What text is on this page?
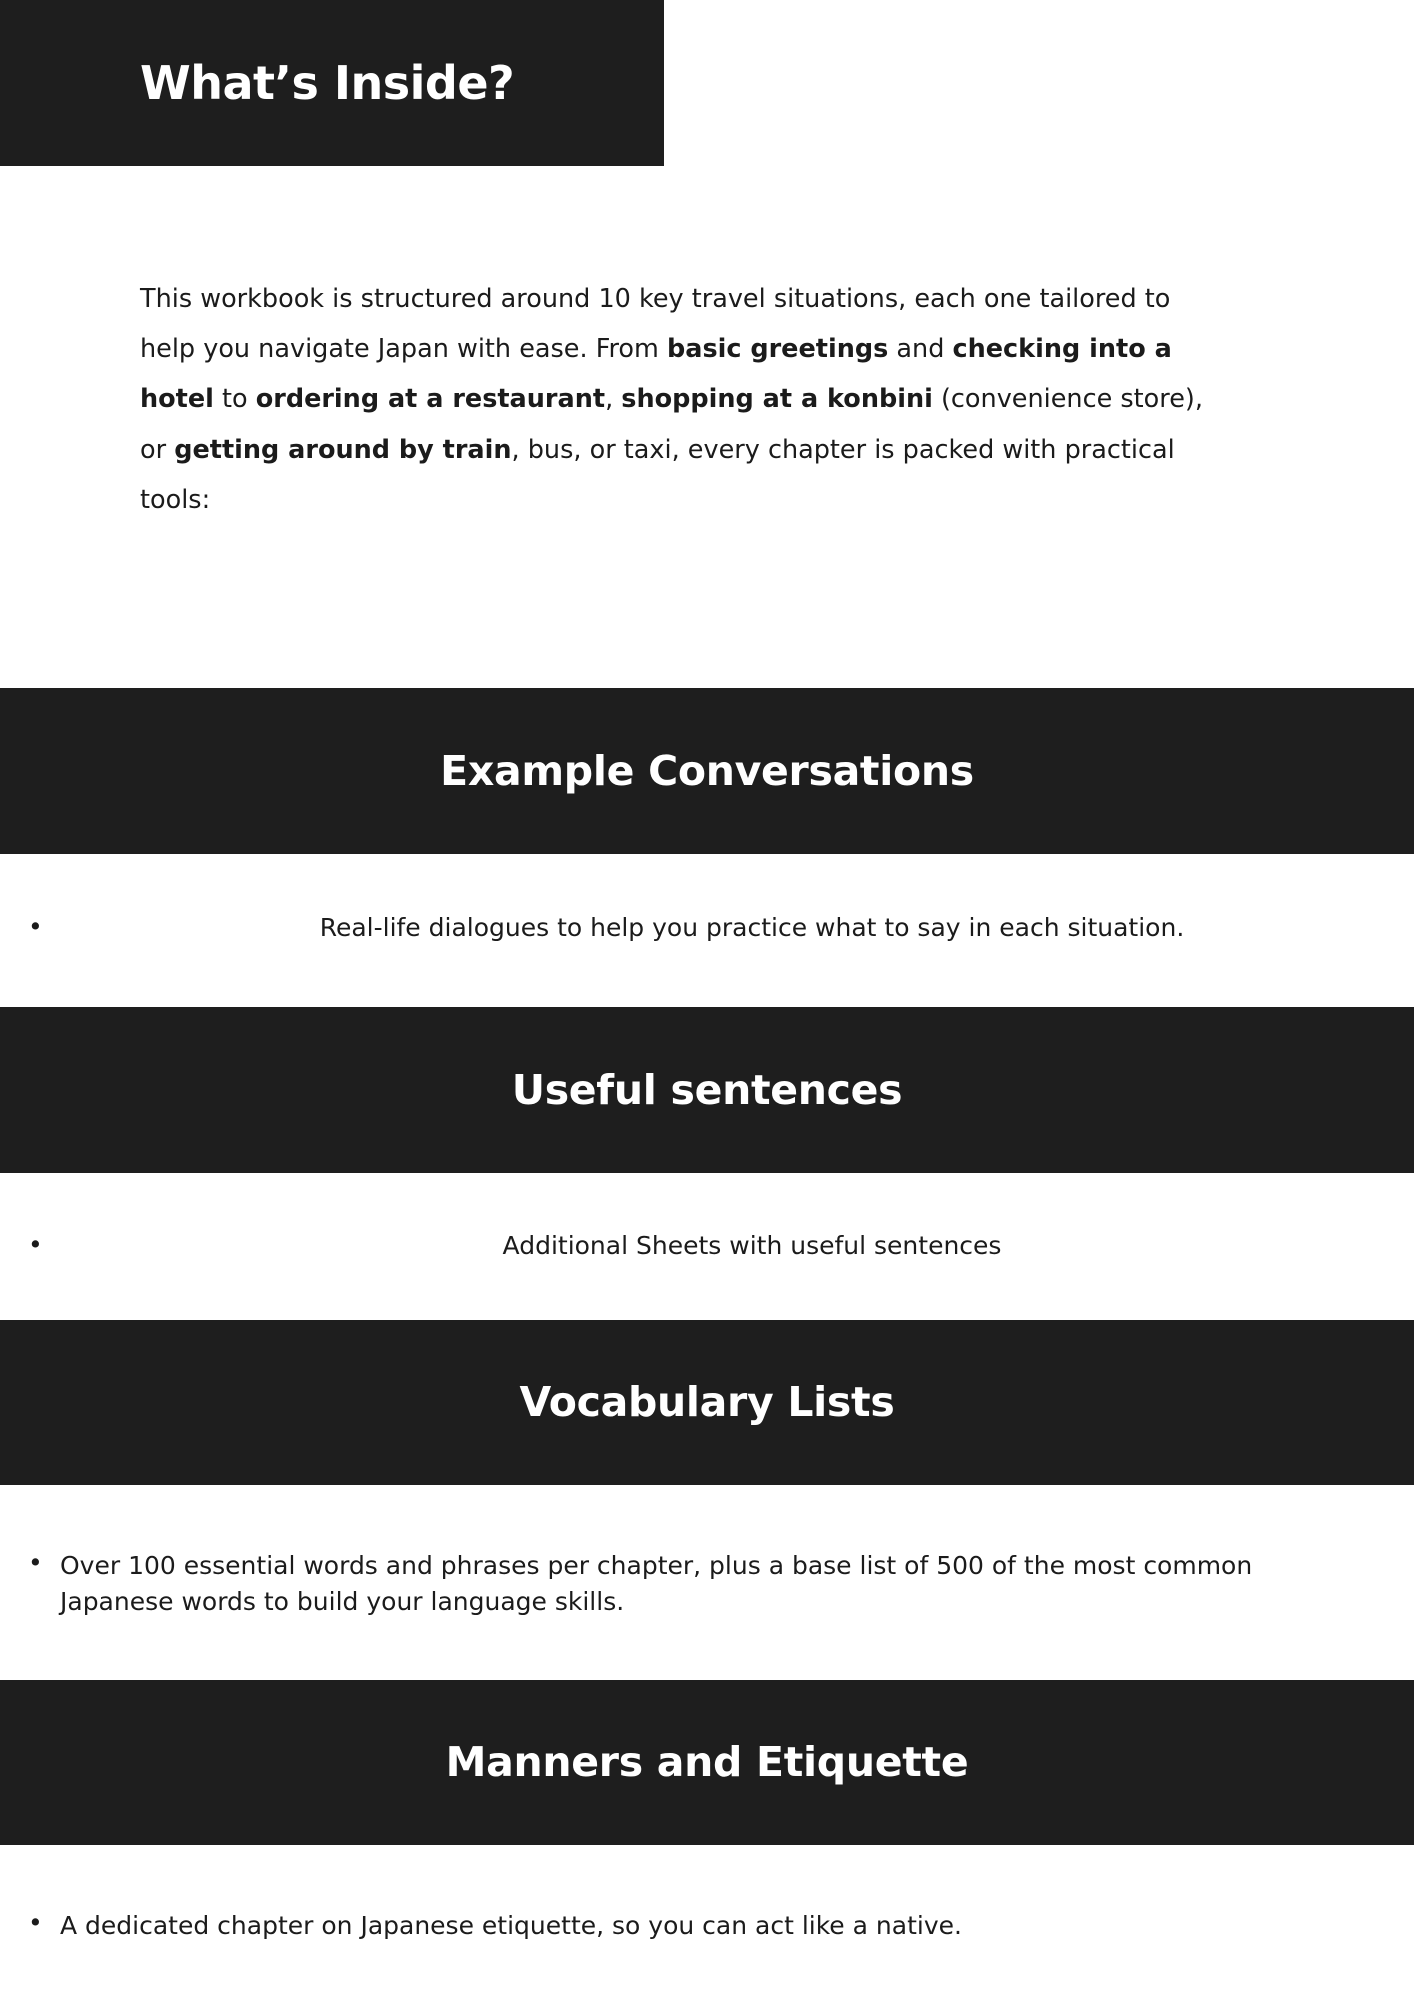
What’s Inside?

This workbook is structured around 10 key travel situations, each one tailored to help you navigate Japan with ease. From basic greetings and checking into a hotel to ordering at a restaurant, shopping at a konbini (convenience store), or getting around by train, bus, or taxi, every chapter is packed with practical tools:

Example Conversations
•	Real-life dialogues to help you practice what to say in each situation.
Useful sentences
•	Additional Sheets with useful sentences
Vocabulary Lists
• Over 100 essential words and phrases per chapter, plus a base list of 500 of the most common Japanese words to build your language skills.
Manners and Etiquette
• A dedicated chapter on Japanese etiquette, so you can act like a native.
